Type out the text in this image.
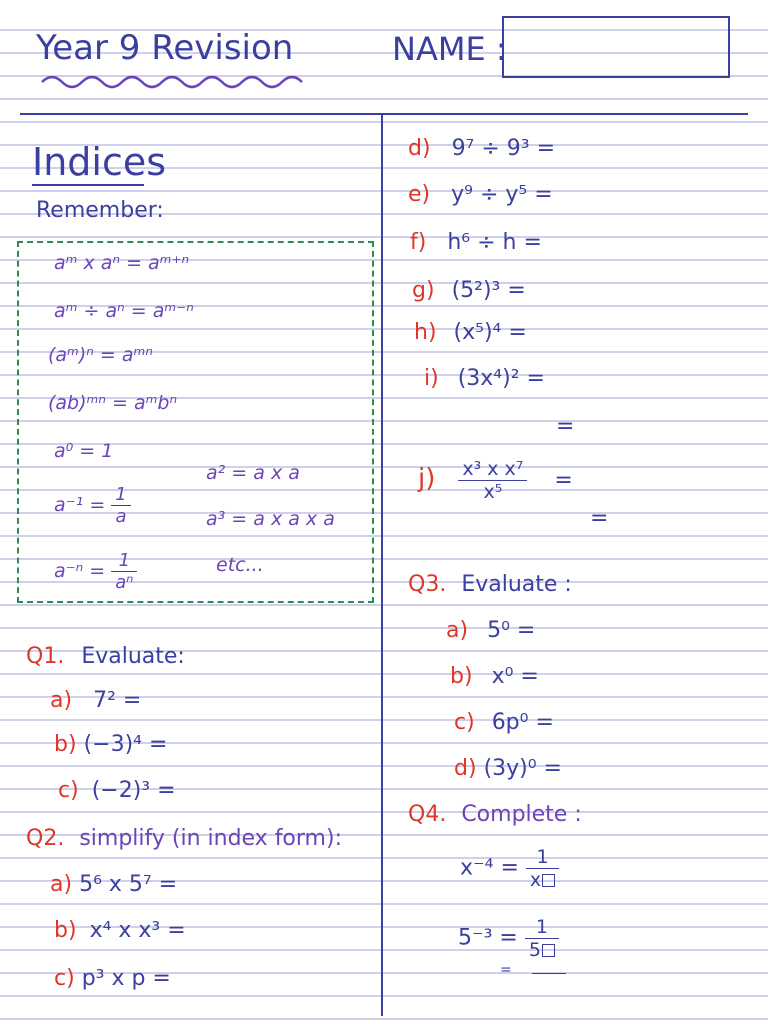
Year 9 Revision	NAME :
Indices
Remember:
aᵐ x aⁿ = aᵐ⁺ⁿ
aᵐ ÷ aⁿ = aᵐ⁻ⁿ
(aᵐ)ⁿ = aᵐⁿ
(ab)ᵐⁿ = aᵐbⁿ
a⁰ = 1
$a^{-1} = \frac{1}{a}$
$a^{-n} = \frac{1}{\text{aⁿ}}$
a² = a x a
a³ = a x a x a
etc...
Q1. Evaluate:
a) 7² =
b) (−3)⁴ =
c) (−2)³ =
Q2. simplify (in index form):
a) 5⁶ x 5⁷ =
b) x⁴ x x³ =
c) p³ x p =
d) 9⁷ ÷ 9³ =
e) y⁹ ÷ y⁵ =
f) h⁶ ÷ h =
g) (5²)³ =
h) (x⁵)⁴ =
i) (3x⁴)² =
=
$j) \frac{\text{x³ x x⁷}}{\text{x⁵}}$ =
=
Q3. Evaluate :
a) 5⁰ =
b) x⁰ =
c) 6p⁰ =
d) (3y)⁰ =
Q4. Complete :
$x^{-4} = \frac{1}{x}$
$5^{-3} = \frac{1}{5}$
=
